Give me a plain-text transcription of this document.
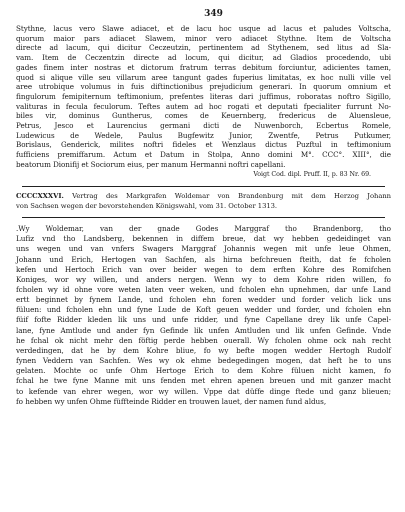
349
Stythne, lacus vero Slawe adiacet, et de lacu hoc usque ad lacus et paludes Voltscha,
quorum maior pars adiacet Slawem, minor vero adiacet Stythne. Item de Voltscha
directe ad lacum, qui dicitur Ceczeutzin, pertinentem ad Stythenem, sed litus ad Sla-
vam. Item de Ceczentzin directe ad locum, qui dicitur, ad Gladios procedendo, ubi
gades finem inter nostras et dictorum fratrum terras debitum forciuntur, adicientes tamen,
quod si alique ville seu villarum aree tangunt gades fuperius limitatas, ex hoc nulli ville vel
aree utrobique volumus in fuis diftinctionibus prejudicium generari. In quorum omnium et
fingulorum femipiternum teftimonium, prefentes literas dari juffimus, roboratas noftro Sigillo,
valituras in fecula feculorum. Teftes autem ad hoc rogati et deputati fpecialiter furrunt No-
biles vir, dominus Guntherus, comes de Keuernberg, fredericus de Aluensleue,
Petrus, Jesco et Laurencius germani dicti de Nuwenborch, Ecbertus Romele,
Ludewicus de Wedele, Paulus Bugfewitz Junior, Zwentfe, Petrus Putkumer,
Borislaus, Genderick, milites noftri fideles et Wenzlaus dictus Puzftul in teftimonium
fufficiens premiffarum. Actum et Datum in Stolpa, Anno domini M°. CCC°. XIII°, die
beatorum Dionifij et Sociorum eius, per manum Hermanni noftri capellani.
Voigt Cod. dipl. Pruff. II, p. 83 Nr. 69.
CCCCXXXVI. Vertrag des Markgrafen Woldemar von Brandenburg mit dem Herzog Johann
von Sachsen wegen der bevorstehenden Königswahl, vom 31. October 1313.
.Wy Woldemar, van der gnade Godes Marggraf tho Brandenborg, tho
Lufiz vnd tho Landsberg, bekennen in diffem breue, dat wy hebben gedeidinget van
uns wegen und van vnfers Swagers Marggraf Johannis wegen mit unfe leue Ohmen,
Johann und Erich, Hertogen van Sachfen, als hirna befchreuen fteith, dat fe fcholen
kefen und Hertoch Erich van over beider wegen to dem erften Kohre des Romifchen
Koniges, wor wy willen, und anders nergen. Wenn wy to dem Kohre riden willen, fo
fcholen wy id ohne vore weten laten veer weken, und fcholen ehn upnehmen, dar unfe Land
ertt beginnet by fynem Lande, und fcholen ehn foren wedder und forder velich lick uns
füluen: und fcholen ehn und fyne Lude de Koft geuen wedder und forder, und fcholen ehn
füif fofte Ridder kleden lik uns und unfe ridder, und fyne Capellane drey lik unfe Capel-
lane, fyne Amtlude und ander fyn Gefinde lik unfen Amtluden und lik unfen Gefinde. Vnde
he fchal ok nicht mehr den föftig perde hebben ouerall. Wy fcholen ohme ock nah recht
verdedingen, dat he by dem Kohre bliue, fo wy befte mogen wedder Hertogh Rudolf
fynen Veddern van Sachfen. Wes wy ok ehme bedegedingen mogen, dat heft he to uns
gelaten. Mochte oc unfe Ohm Hertoge Erich to dem Kohre füluen nicht kamen, fo
fchal he twe fyne Manne mit uns fenden met ehren apenen breuen und mit ganzer macht
to kefende van ehrer wegen, wor wy willen. Vppe dat düffe dinge ftede und ganz blieuen;
fo hebben wy unfen Ohme füffteinde Ridder en trouwen lauet, der namen fund aldus,
